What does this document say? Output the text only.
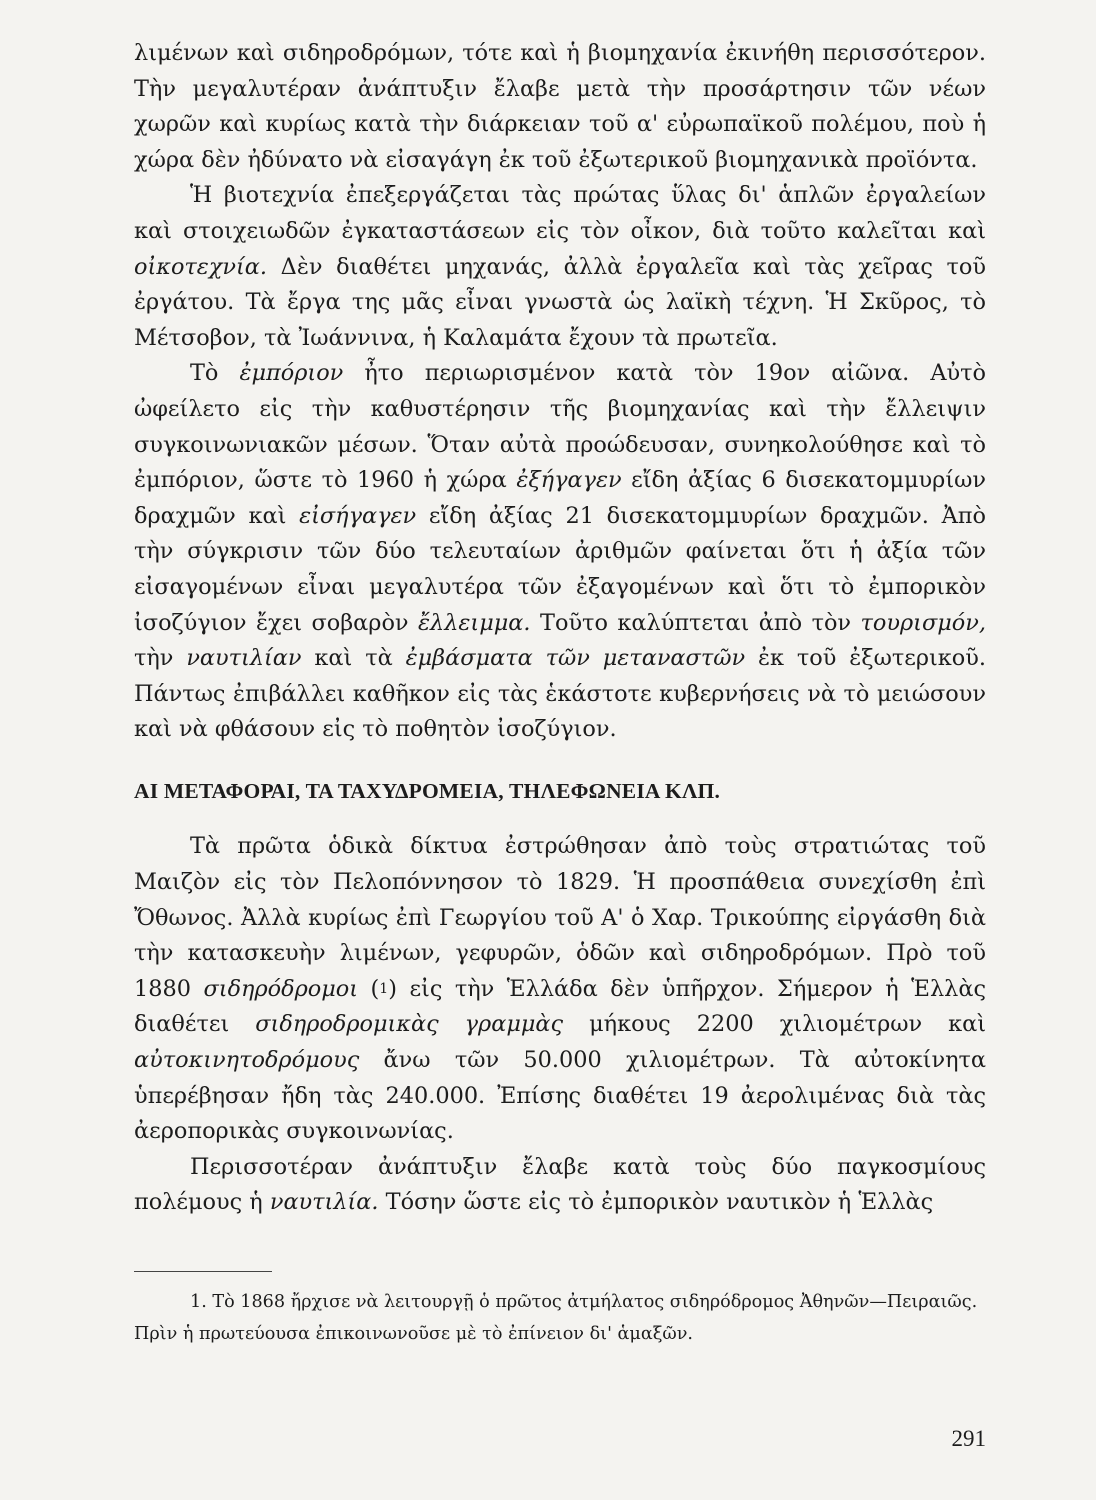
λιμένων καὶ σιδηροδρόμων, τότε καὶ ἡ βιομηχανία ἐκινήθη περισσότερον. Τὴν μεγαλυτέραν ἀνάπτυξιν ἔλαβε μετὰ τὴν προσάρτησιν τῶν νέων χωρῶν καὶ κυρίως κατὰ τὴν διάρκειαν τοῦ α' εὐρωπαϊκοῦ πολέμου, ποὺ ἡ χώρα δὲν ἠδύνατο νὰ εἰσαγάγη ἐκ τοῦ ἐξωτερικοῦ βιομηχανικὰ προϊόντα.

Ἡ βιοτεχνία ἐπεξεργάζεται τὰς πρώτας ὕλας δι' ἁπλῶν ἐργαλείων καὶ στοιχειωδῶν ἐγκαταστάσεων εἰς τὸν οἶκον, διὰ τοῦτο καλεῖται καὶ οἰκοτεχνία. Δὲν διαθέτει μηχανάς, ἀλλὰ ἐργαλεῖα καὶ τὰς χεῖρας τοῦ ἐργάτου. Τὰ ἔργα της μᾶς εἶναι γνωστὰ ὡς λαϊκὴ τέχνη. Ἡ Σκῦρος, τὸ Μέτσοβον, τὰ Ἰωάννινα, ἡ Καλαμάτα ἔχουν τὰ πρωτεῖα.

Τὸ ἐμπόριον ἦτο περιωρισμένον κατὰ τὸν 19ον αἰῶνα. Αὐτὸ ὠφείλετο εἰς τὴν καθυστέρησιν τῆς βιομηχανίας καὶ τὴν ἔλλειψιν συγκοινωνιακῶν μέσων. Ὅταν αὐτὰ προώδευσαν, συνηκολούθησε καὶ τὸ ἐμπόριον, ὥστε τὸ 1960 ἡ χώρα ἐξήγαγεν εἴδη ἀξίας 6 δισεκατομμυρίων δραχμῶν καὶ εἰσήγαγεν εἴδη ἀξίας 21 δισεκατομμυρίων δραχμῶν. Ἀπὸ τὴν σύγκρισιν τῶν δύο τελευταίων ἀριθμῶν φαίνεται ὅτι ἡ ἀξία τῶν εἰσαγομένων εἶναι μεγαλυτέρα τῶν ἐξαγομένων καὶ ὅτι τὸ ἐμπορικὸν ἰσοζύγιον ἔχει σοβαρὸν ἔλλειμμα. Τοῦτο καλύπτεται ἀπὸ τὸν τουρισμόν, τὴν ναυτιλίαν καὶ τὰ ἐμβάσματα τῶν μεταναστῶν ἐκ τοῦ ἐξωτερικοῦ. Πάντως ἐπιβάλλει καθῆκον εἰς τὰς ἑκάστοτε κυβερνήσεις νὰ τὸ μειώσουν καὶ νὰ φθάσουν εἰς τὸ ποθητὸν ἰσοζύγιον.

ΑΙ ΜΕΤΑΦΟΡΑΙ, ΤΑ ΤΑΧΥΔΡΟΜΕΙΑ, ΤΗΛΕΦΩΝΕΙΑ ΚΛΠ.

Τὰ πρῶτα ὁδικὰ δίκτυα ἐστρώθησαν ἀπὸ τοὺς στρατιώτας τοῦ Μαιζὸν εἰς τὸν Πελοπόννησον τὸ 1829. Ἡ προσπάθεια συνεχίσθη ἐπὶ Ὄθωνος. Ἀλλὰ κυρίως ἐπὶ Γεωργίου τοῦ Α' ὁ Χαρ. Τρικούπης εἰργάσθη διὰ τὴν κατασκευὴν λιμένων, γεφυρῶν, ὁδῶν καὶ σιδηροδρόμων. Πρὸ τοῦ 1880 σιδηρόδρομοι ($^1$) εἰς τὴν Ἑλλάδα δὲν ὑπῆρχον. Σήμερον ἡ Ἑλλὰς διαθέτει σιδηροδρομικὰς γραμμὰς μήκους 2200 χιλιομέτρων καὶ αὐτοκινητοδρόμους ἄνω τῶν 50.000 χιλιομέτρων. Τὰ αὐτοκίνητα ὑπερέβησαν ἤδη τὰς 240.000. Ἐπίσης διαθέτει 19 ἀερολιμένας διὰ τὰς ἀεροπορικὰς συγκοινωνίας.

Περισσοτέραν ἀνάπτυξιν ἔλαβε κατὰ τοὺς δύο παγκοσμίους πολέμους ἡ ναυτιλία. Τόσην ὥστε εἰς τὸ ἐμπορικὸν ναυτικὸν ἡ Ἑλλὰς

1. Τὸ 1868 ἤρχισε νὰ λειτουργῇ ὁ πρῶτος ἀτμήλατος σιδηρόδρομος Ἀθηνῶν—Πειραιῶς. Πρὶν ἡ πρωτεύουσα ἐπικοινωνοῦσε μὲ τὸ ἐπίνειον δι' ἁμαξῶν.

291
